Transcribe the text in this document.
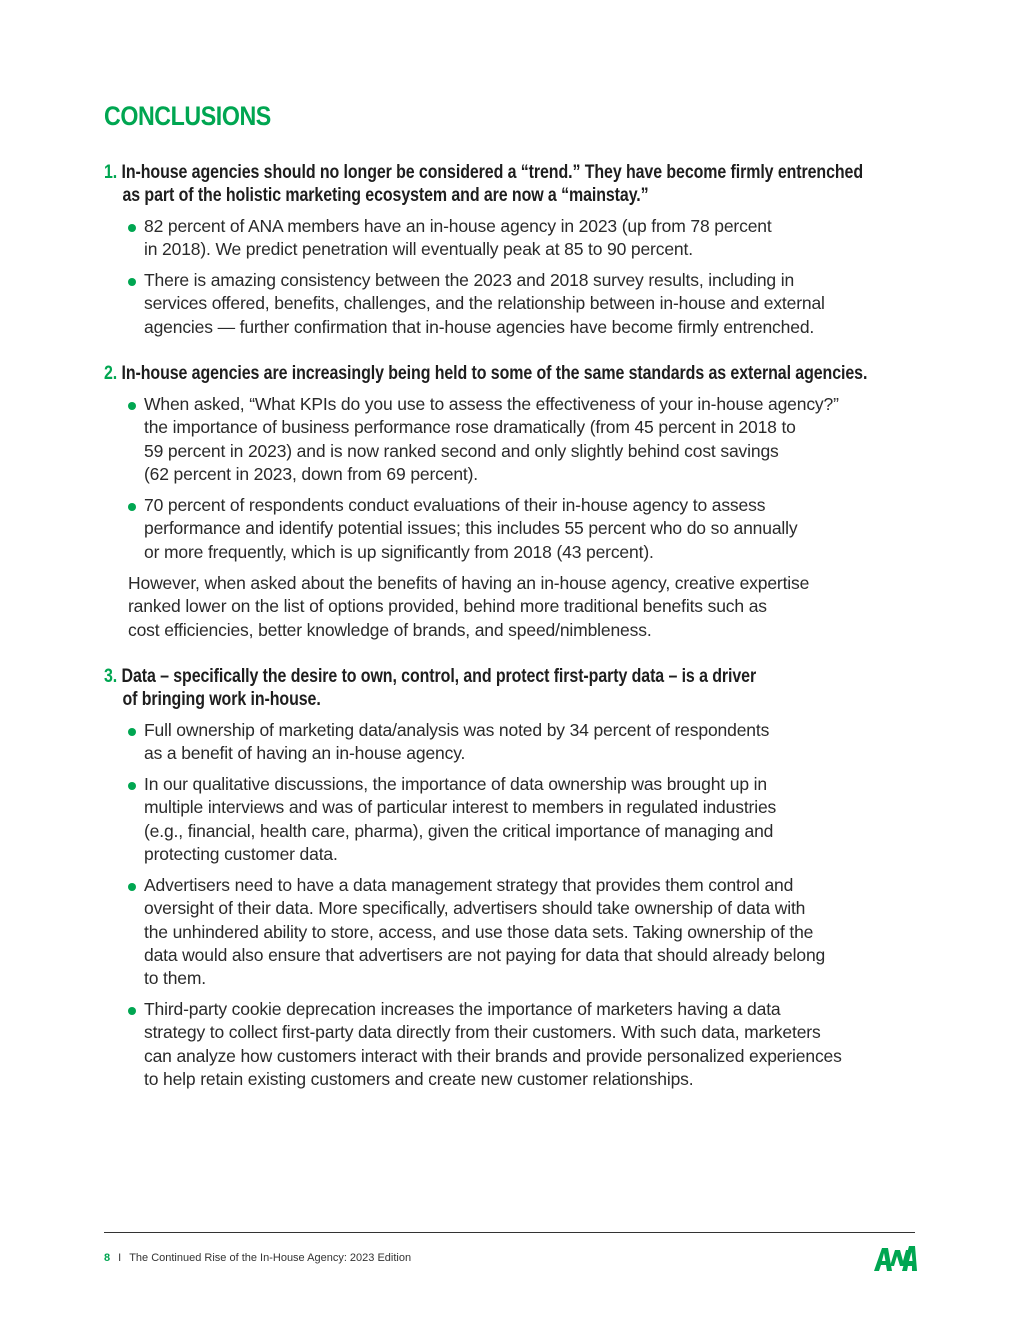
CONCLUSIONS
1. In-house agencies should no longer be considered a “trend.” They have become firmly entrenched
as part of the holistic marketing ecosystem and are now a “mainstay.”
82 percent of ANA members have an in-house agency in 2023 (up from 78 percent
in 2018). We predict penetration will eventually peak at 85 to 90 percent.
There is amazing consistency between the 2023 and 2018 survey results, including in
services offered, benefits, challenges, and the relationship between in-house and external
agencies — further confirmation that in-house agencies have become firmly entrenched.
2. In-house agencies are increasingly being held to some of the same standards as external agencies.
When asked, “What KPIs do you use to assess the effectiveness of your in-house agency?”
the importance of business performance rose dramatically (from 45 percent in 2018 to
59 percent in 2023) and is now ranked second and only slightly behind cost savings
(62 percent in 2023, down from 69 percent).
70 percent of respondents conduct evaluations of their in-house agency to assess
performance and identify potential issues; this includes 55 percent who do so annually
or more frequently, which is up significantly from 2018 (43 percent).
However, when asked about the benefits of having an in-house agency, creative expertise
ranked lower on the list of options provided, behind more traditional benefits such as
cost efficiencies, better knowledge of brands, and speed/nimbleness.
3. Data – specifically the desire to own, control, and protect first-party data – is a driver
of bringing work in-house.
Full ownership of marketing data/analysis was noted by 34 percent of respondents
as a benefit of having an in-house agency.
In our qualitative discussions, the importance of data ownership was brought up in
multiple interviews and was of particular interest to members in regulated industries
(e.g., financial, health care, pharma), given the critical importance of managing and
protecting customer data.
Advertisers need to have a data management strategy that provides them control and
oversight of their data. More specifically, advertisers should take ownership of data with
the unhindered ability to store, access, and use those data sets. Taking ownership of the
data would also ensure that advertisers are not paying for data that should already belong
to them.
Third-party cookie deprecation increases the importance of marketers having a data
strategy to collect first-party data directly from their customers. With such data, marketers
can analyze how customers interact with their brands and provide personalized experiences
to help retain existing customers and create new customer relationships.
8 I The Continued Rise of the In-House Agency: 2023 Edition
